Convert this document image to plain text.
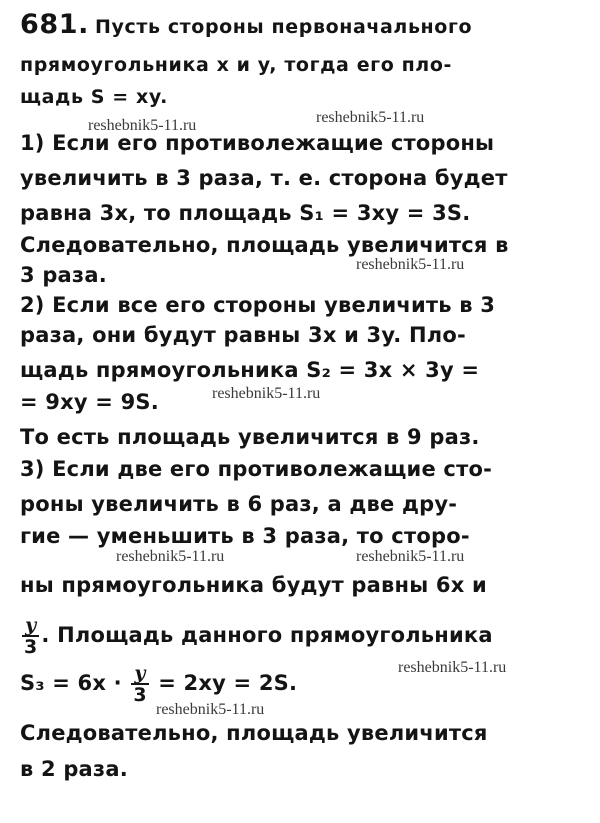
681. Пусть стороны первоначального
прямоугольника x и y, тогда его пло-
щадь S = xy.
1) Если его противолежащие стороны
увеличить в 3 раза, т. е. сторона будет
равна 3x, то площадь S₁ = 3xy = 3S.
Следовательно, площадь увеличится в
3 раза.
2) Если все его стороны увеличить в 3
раза, они будут равны 3x и 3y. Пло-
щадь прямоугольника S₂ = 3x × 3y =
= 9xy = 9S.
То есть площадь увеличится в 9 раз.
3) Если две его противолежащие сто-
роны увеличить в 6 раз, а две дру-
гие — уменьшить в 3 раза, то сторо-
ны прямоугольника будут равны 6x и
$\frac{y}{3}$ . Площадь данного прямоугольника
$S_3 = 6x \cdot \frac{y}{3} = 2xy = 2S$.
Следовательно, площадь увеличится
в 2 раза.
reshebnik5-11.ru
reshebnik5-11.ru
reshebnik5-11.ru
reshebnik5-11.ru
reshebnik5-11.ru	reshebnik5-11.ru
reshebnik5-11.ru
reshebnik5-11.ru
